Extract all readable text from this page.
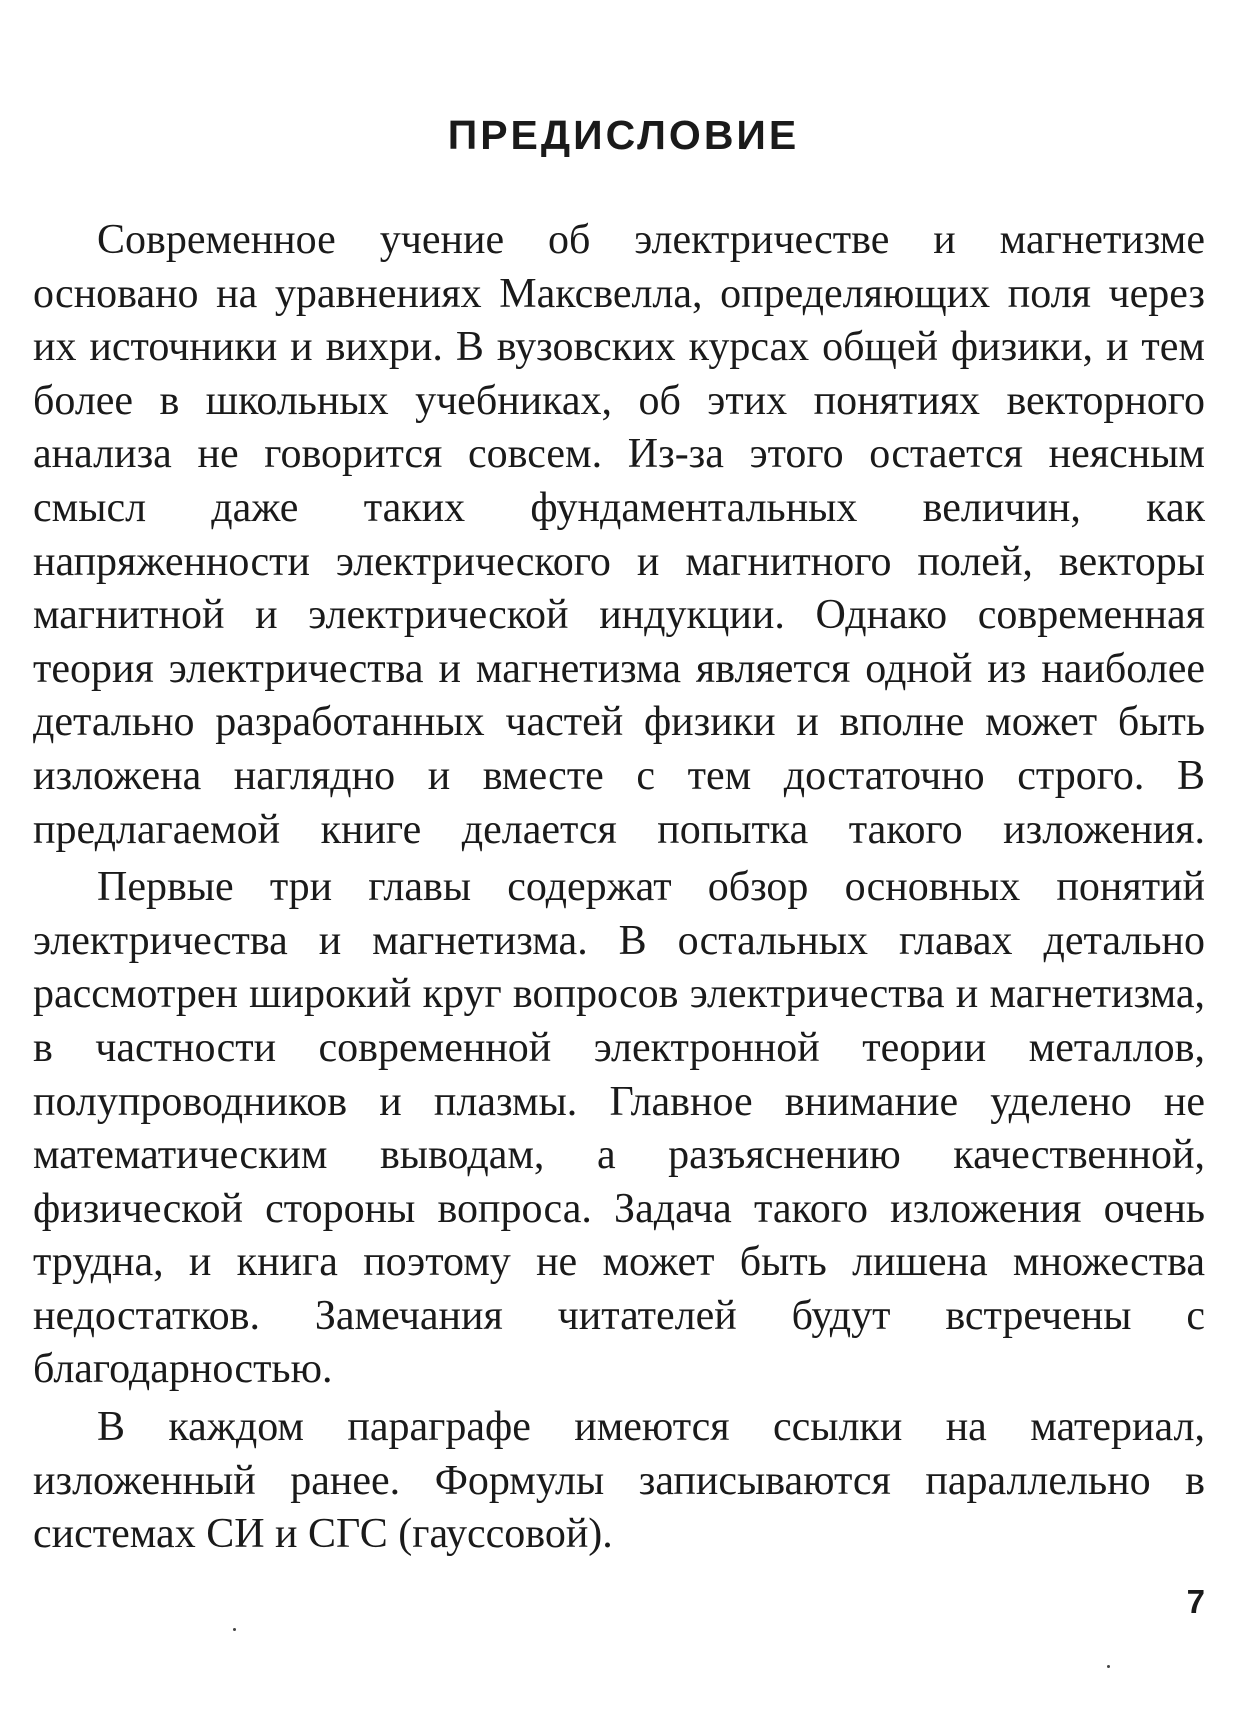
ПРЕДИСЛОВИЕ

Современное учение об электричестве и магнетизме основано на уравнениях Максвелла, определяющих поля через их источники и вихри. В вузовских курсах общей физики, и тем более в школьных учебниках, об этих понятиях векторного анализа не говорится совсем. Из-за этого остается неясным смысл даже таких фундаментальных величин, как напряженности электрического и магнитного полей, векторы магнитной и электрической индукции. Однако современная теория электричества и магнетизма является одной из наиболее детально разработанных частей физики и вполне может быть изложена наглядно и вместе с тем достаточно строго. В предлагаемой книге делается попытка такого изложения.

Первые три главы содержат обзор основных понятий электричества и магнетизма. В остальных главах детально рассмотрен широкий круг вопросов электричества и магнетизма, в частности современной электронной теории металлов, полупроводников и плазмы. Главное внимание уделено не математическим выводам, а разъяснению качественной, физической стороны вопроса. Задача такого изложения очень трудна, и книга поэтому не может быть лишена множества недостатков. Замечания читателей будут встречены с благодарностью.

В каждом параграфе имеются ссылки на материал, изложенный ранее. Формулы записываются параллельно в системах СИ и СГС (гауссовой).

7
